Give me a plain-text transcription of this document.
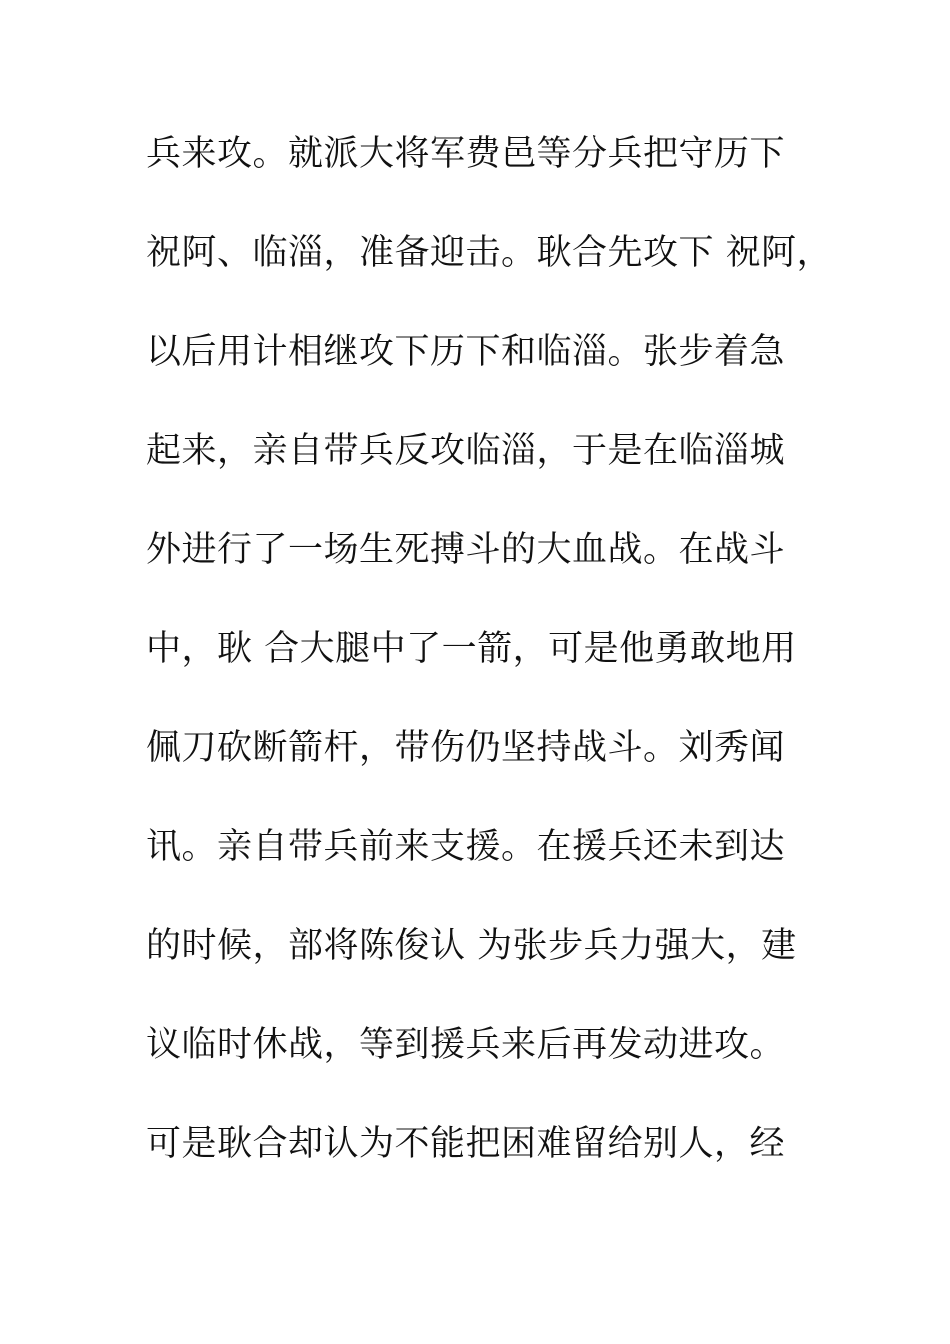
兵来攻。就派大将军费邑等分兵把守历下
祝阿、临淄，准备迎击。耿合先攻下 祝阿，
以后用计相继攻下历下和临淄。张步着急
起来，亲自带兵反攻临淄，于是在临淄城
外进行了一场生死搏斗的大血战。在战斗
中，耿 合大腿中了一箭，可是他勇敢地用
佩刀砍断箭杆，带伤仍坚持战斗。刘秀闻
讯。亲自带兵前来支援。在援兵还未到达
的时候，部将陈俊认 为张步兵力强大，建
议临时休战，等到援兵来后再发动进攻。
可是耿合却认为不能把困难留给别人，经
